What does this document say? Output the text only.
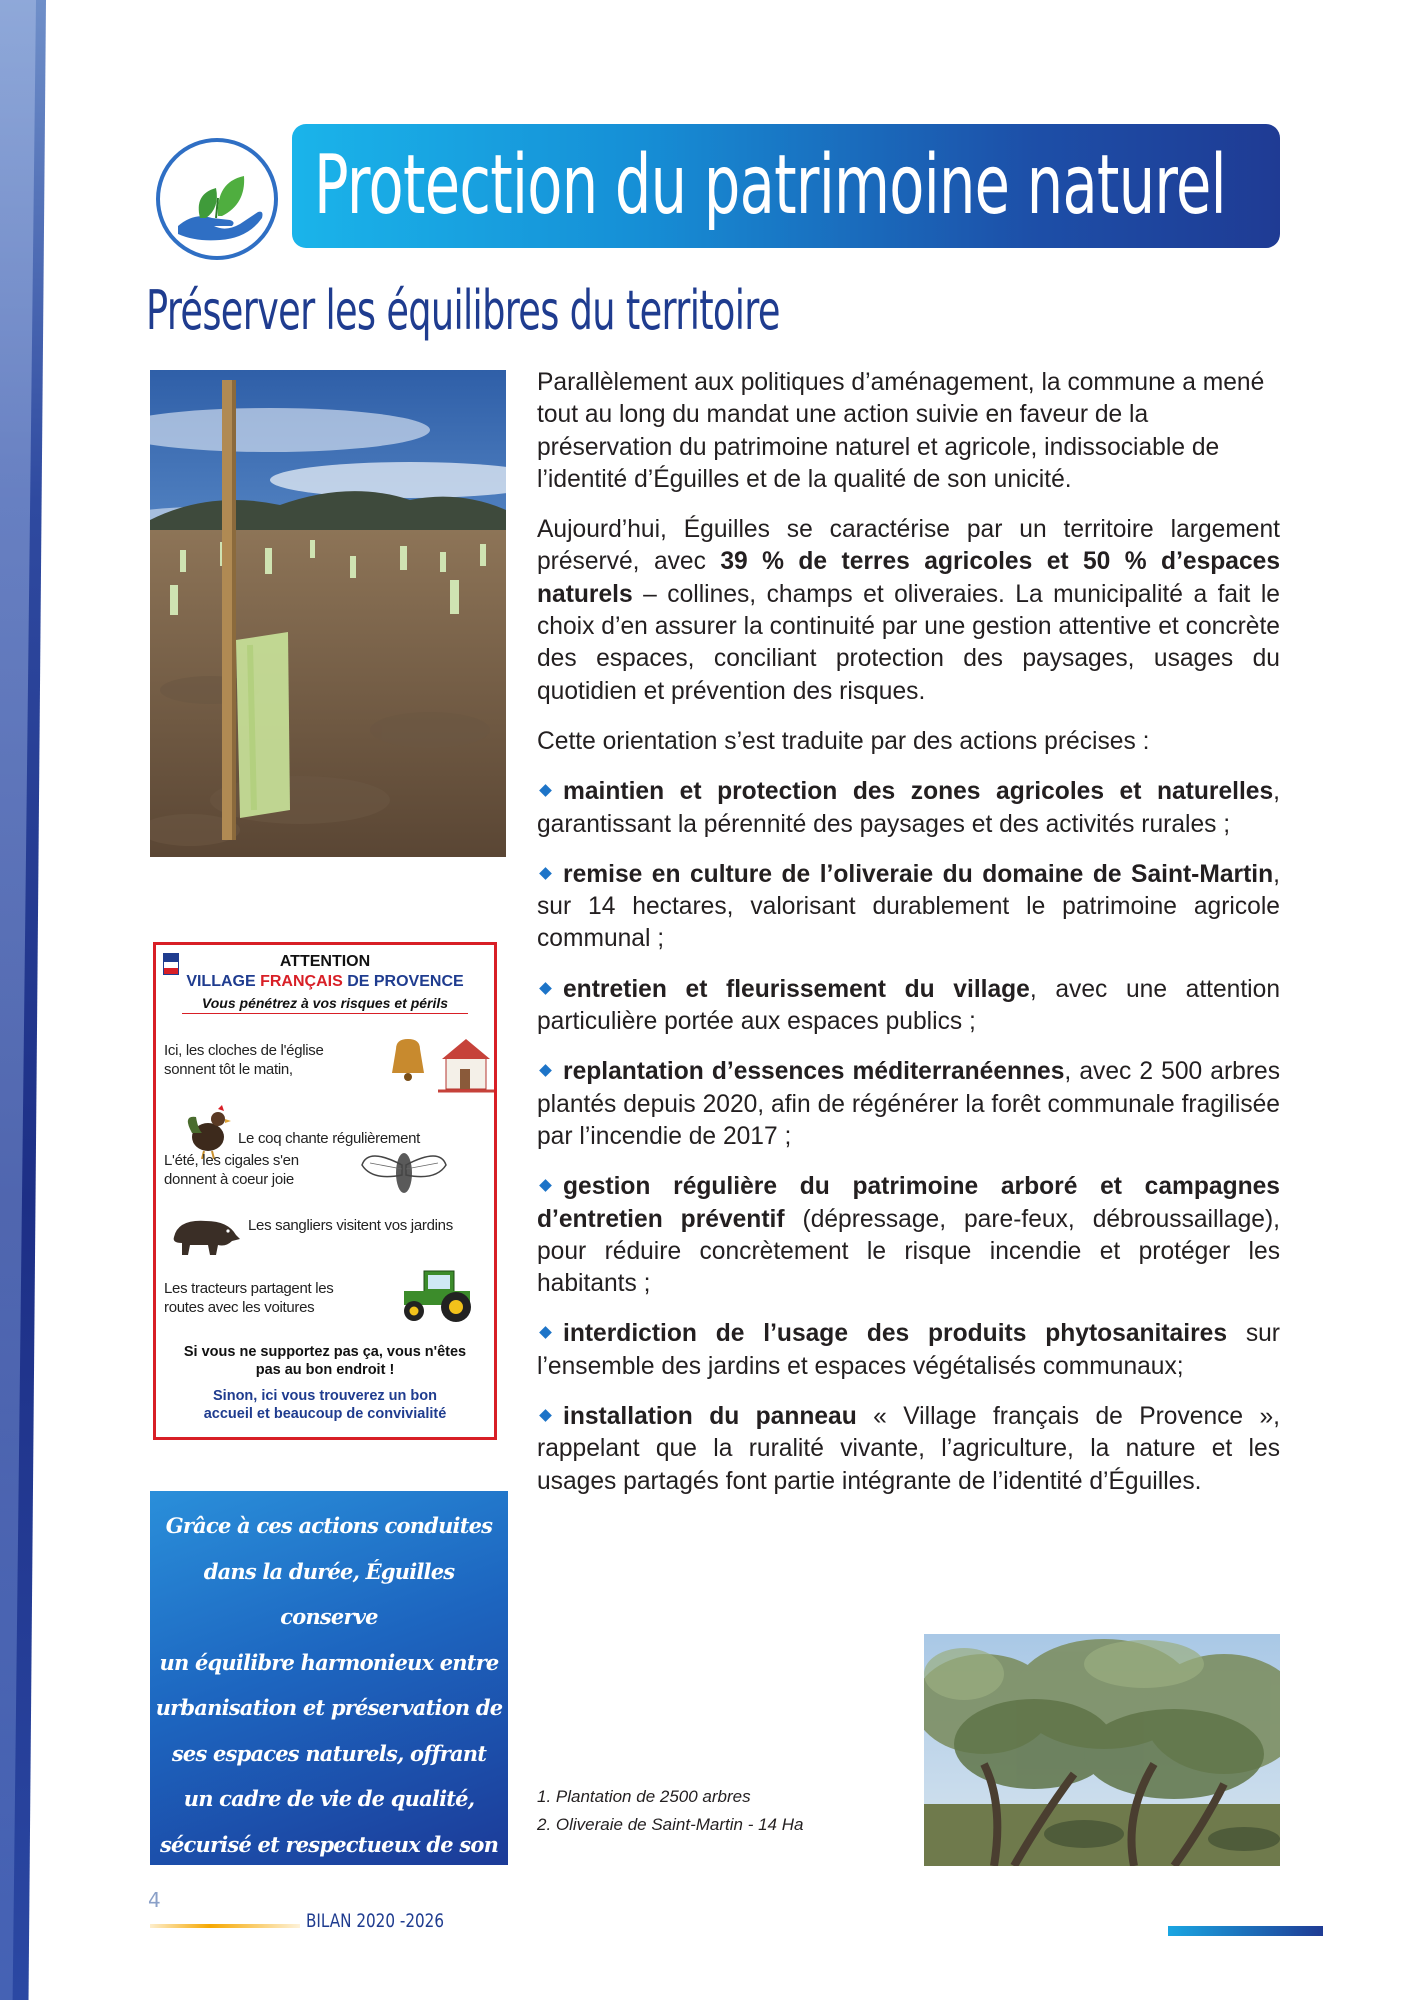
Protection du patrimoine naturel
Préserver les équilibres du territoire
ATTENTION
VILLAGE FRANÇAIS DE PROVENCE
Vous pénétrez à vos risques et périls
Ici, les cloches de l'église
sonnent tôt le matin,
Le coq chante régulièrement
L'été, les cigales s'en
donnent à coeur joie
Les sangliers visitent vos jardins
Les tracteurs partagent les
routes avec les voitures
Si vous ne supportez pas ça, vous n'êtes
pas au bon endroit !
Sinon, ici vous trouverez un bon
accueil et beaucoup de convivialité

Grâce à ces actions conduites
dans la durée, Éguilles conserve
un équilibre harmonieux entre
urbanisation et préservation de
ses espaces naturels, offrant
un cadre de vie de qualité,
sécurisé et respectueux de son
environnement.

Parallèlement aux politiques d’aménagement, la commune a mené tout au long du mandat une action suivie en faveur de la préservation du patrimoine naturel et agricole, indissociable de l’identité d’Éguilles et de la qualité de son unicité.

Aujourd’hui, Éguilles se caractérise par un territoire largement préservé, avec 39 % de terres agricoles et 50 % d’espaces naturels – collines, champs et oliveraies. La municipalité a fait le choix d’en assurer la continuité par une gestion attentive et concrète des espaces, conciliant protection des paysages, usages du quotidien et prévention des risques.

Cette orientation s’est traduite par des actions précises :

maintien et protection des zones agricoles et naturelles, garantissant la pérennité des paysages et des activités rurales ;

remise en culture de l’oliveraie du domaine de Saint-Martin, sur 14 hectares, valorisant durablement le patrimoine agricole communal ;

entretien et fleurissement du village, avec une attention particulière portée aux espaces publics ;

replantation d’essences méditerranéennes, avec 2 500 arbres plantés depuis 2020, afin de régénérer la forêt communale fragilisée par l’incendie de 2017 ;

gestion régulière du patrimoine arboré et campagnes d’entretien préventif (dépressage, pare-feux, débroussaillage), pour réduire concrètement le risque incendie et protéger les habitants ;

interdiction de l’usage des produits phytosanitaires sur l’ensemble des jardins et espaces végétalisés communaux;

installation du panneau « Village français de Provence », rappelant que la ruralité vivante, l’agriculture, la nature et les usages partagés font partie intégrante de l’identité d’Éguilles.

1. Plantation de 2500 arbres
2. Oliveraie de Saint-Martin - 14 Ha
4
BILAN 2020 -2026
